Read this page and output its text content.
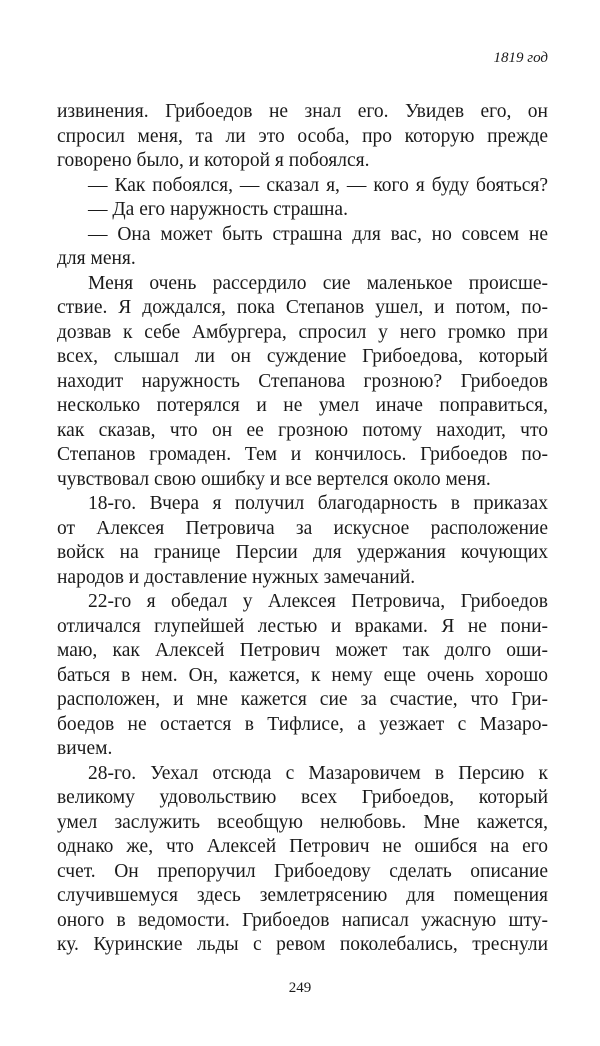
1819 год
извинения. Грибоедов не знал его. Увидев его, он
спросил меня, та ли это особа, про которую прежде
говорено было, и которой я побоялся.
— Как побоялся, — сказал я, — кого я буду бояться?
— Да его наружность страшна.
— Она может быть страшна для вас, но совсем не
для меня.
Меня очень рассердило сие маленькое происше-
ствие. Я дождался, пока Степанов ушел, и потом, по-
дозвав к себе Амбургера, спросил у него громко при
всех, слышал ли он суждение Грибоедова, который
находит наружность Степанова грозною? Грибоедов
несколько потерялся и не умел иначе поправиться,
как сказав, что он ее грозною потому находит, что
Степанов громаден. Тем и кончилось. Грибоедов по-
чувствовал свою ошибку и все вертелся около меня.
18-го. Вчера я получил благодарность в приказах
от Алексея Петровича за искусное расположение
войск на границе Персии для удержания кочующих
народов и доставление нужных замечаний.
22-го я обедал у Алексея Петровича, Грибоедов
отличался глупейшей лестью и враками. Я не пони-
маю, как Алексей Петрович может так долго оши-
баться в нем. Он, кажется, к нему еще очень хорошо
расположен, и мне кажется сие за счастие, что Гри-
боедов не остается в Тифлисе, а уезжает с Мазаро-
вичем.
28-го. Уехал отсюда с Мазаровичем в Персию к
великому удовольствию всех Грибоедов, который
умел заслужить всеобщую нелюбовь. Мне кажется,
однако же, что Алексей Петрович не ошибся на его
счет. Он препоручил Грибоедову сделать описание
случившемуся здесь землетрясению для помещения
оного в ведомости. Грибоедов написал ужасную шту-
ку. Куринские льды с ревом поколебались, треснули
249
